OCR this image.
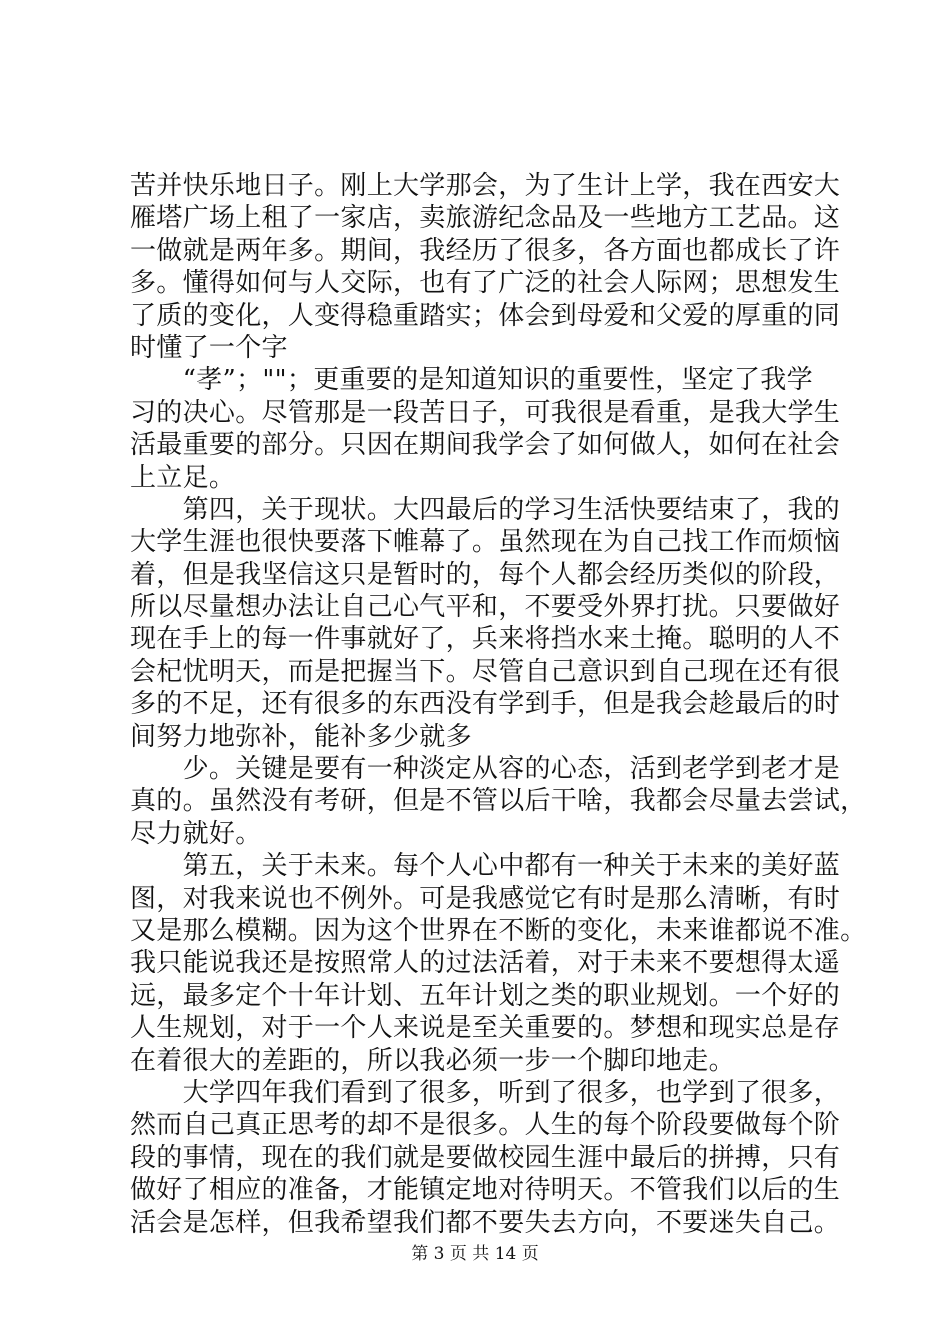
苦并快乐地日子。刚上大学那会，为了生计上学，我在西安大
雁塔广场上租了一家店，卖旅游纪念品及一些地方工艺品。这
一做就是两年多。期间，我经历了很多，各方面也都成长了许
多。懂得如何与人交际，也有了广泛的社会人际网；思想发生
了质的变化，人变得稳重踏实；体会到母爱和父爱的厚重的同
时懂了一个字
　　“孝”；""；更重要的是知道知识的重要性，坚定了我学
习的决心。尽管那是一段苦日子，可我很是看重，是我大学生
活最重要的部分。只因在期间我学会了如何做人，如何在社会
上立足。
　　第四，关于现状。大四最后的学习生活快要结束了，我的
大学生涯也很快要落下帷幕了。虽然现在为自己找工作而烦恼
着，但是我坚信这只是暂时的，每个人都会经历类似的阶段，
所以尽量想办法让自己心气平和，不要受外界打扰。只要做好
现在手上的每一件事就好了，兵来将挡水来土掩。聪明的人不
会杞忧明天，而是把握当下。尽管自己意识到自己现在还有很
多的不足，还有很多的东西没有学到手，但是我会趁最后的时
间努力地弥补，能补多少就多
　　少。关键是要有一种淡定从容的心态，活到老学到老才是
真的。虽然没有考研，但是不管以后干啥，我都会尽量去尝试，
尽力就好。
　　第五，关于未来。每个人心中都有一种关于未来的美好蓝
图，对我来说也不例外。可是我感觉它有时是那么清晰，有时
又是那么模糊。因为这个世界在不断的变化，未来谁都说不准。
我只能说我还是按照常人的过法活着，对于未来不要想得太遥
远，最多定个十年计划、五年计划之类的职业规划。一个好的
人生规划，对于一个人来说是至关重要的。梦想和现实总是存
在着很大的差距的，所以我必须一步一个脚印地走。
　　大学四年我们看到了很多，听到了很多，也学到了很多，
然而自己真正思考的却不是很多。人生的每个阶段要做每个阶
段的事情，现在的我们就是要做校园生涯中最后的拼搏，只有
做好了相应的准备，才能镇定地对待明天。不管我们以后的生
活会是怎样，但我希望我们都不要失去方向，不要迷失自己。
第 3 页 共 14 页
